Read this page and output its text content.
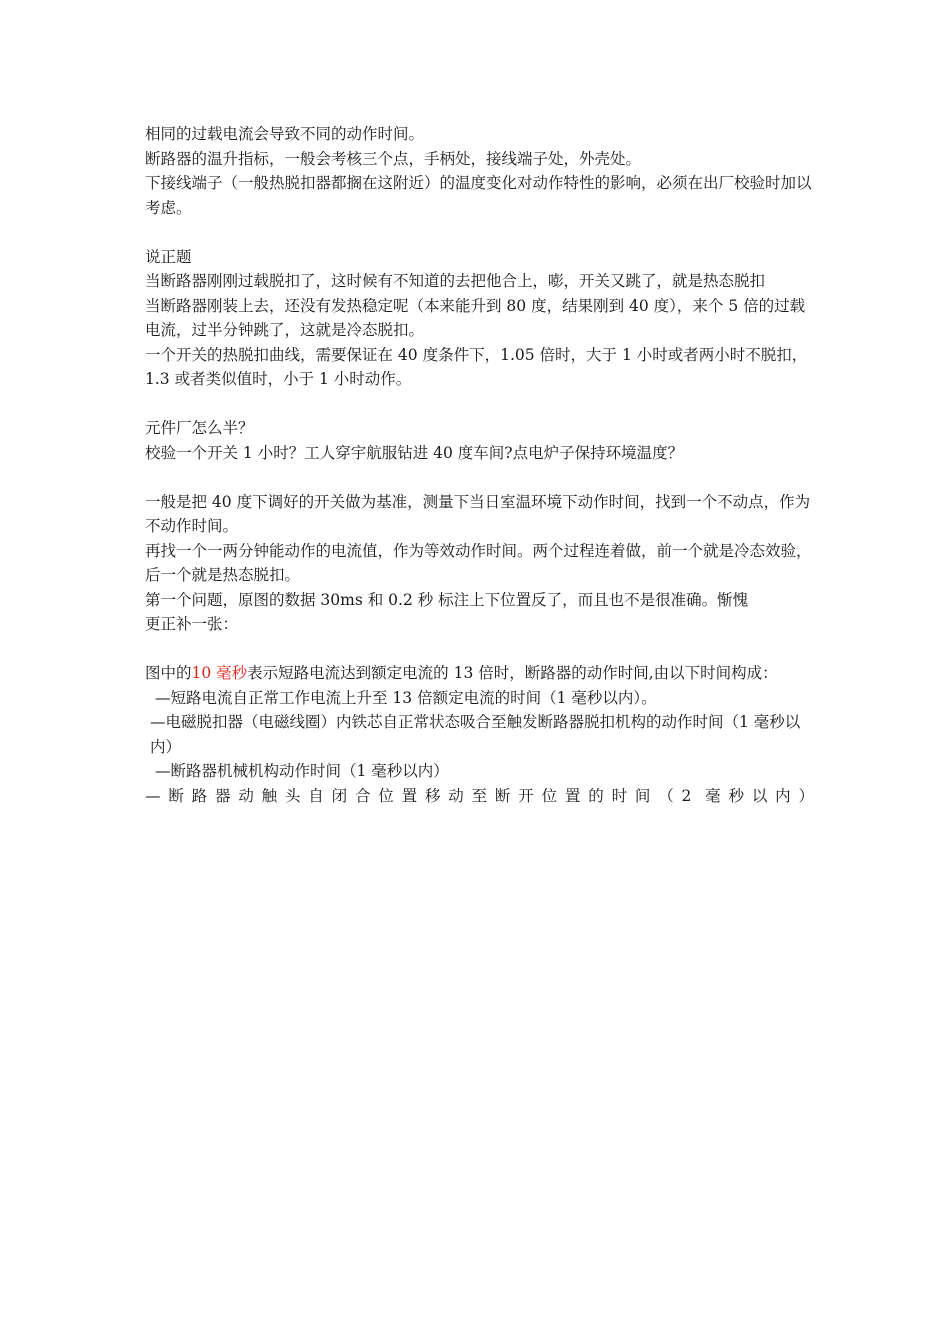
相同的过载电流会导致不同的动作时间。

断路器的温升指标，一般会考核三个点，手柄处，接线端子处，外壳处。

下接线端子（一般热脱扣器都搁在这附近）的温度变化对动作特性的影响，必须在出厂校验时加以考虑。

说正题

当断路器刚刚过载脱扣了，这时候有不知道的去把他合上，嘭，开关又跳了，就是热态脱扣

当断路器刚装上去，还没有发热稳定呢（本来能升到 80 度，结果刚到 40 度），来个 5 倍的过载电流，过半分钟跳了，这就是冷态脱扣。

一个开关的热脱扣曲线，需要保证在 40 度条件下，1.05 倍时，大于 1 小时或者两小时不脱扣，1.3 或者类似值时，小于 1 小时动作。

元件厂怎么半？

校验一个开关 1 小时？工人穿宇航服钻进 40 度车间?点电炉子保持环境温度？

一般是把 40 度下调好的开关做为基准，测量下当日室温环境下动作时间，找到一个不动点，作为不动作时间。

再找一个一两分钟能动作的电流值，作为等效动作时间。两个过程连着做，前一个就是冷态效验，后一个就是热态脱扣。

第一个问题，原图的数据 30ms 和 0.2 秒 标注上下位置反了，而且也不是很准确。惭愧

更正补一张：

图中的10 毫秒表示短路电流达到额定电流的 13 倍时，断路器的动作时间,由以下时间构成：

—短路电流自正常工作电流上升至 13 倍额定电流的时间（1 毫秒以内）。

—电磁脱扣器（电磁线圈）内铁芯自正常状态吸合至触发断路器脱扣机构的动作时间（1 毫秒以内）

—断路器机械机构动作时间（1 毫秒以内）

—断路器动触头自闭合位置移动至断开位置的时间（2 毫秒以内）
